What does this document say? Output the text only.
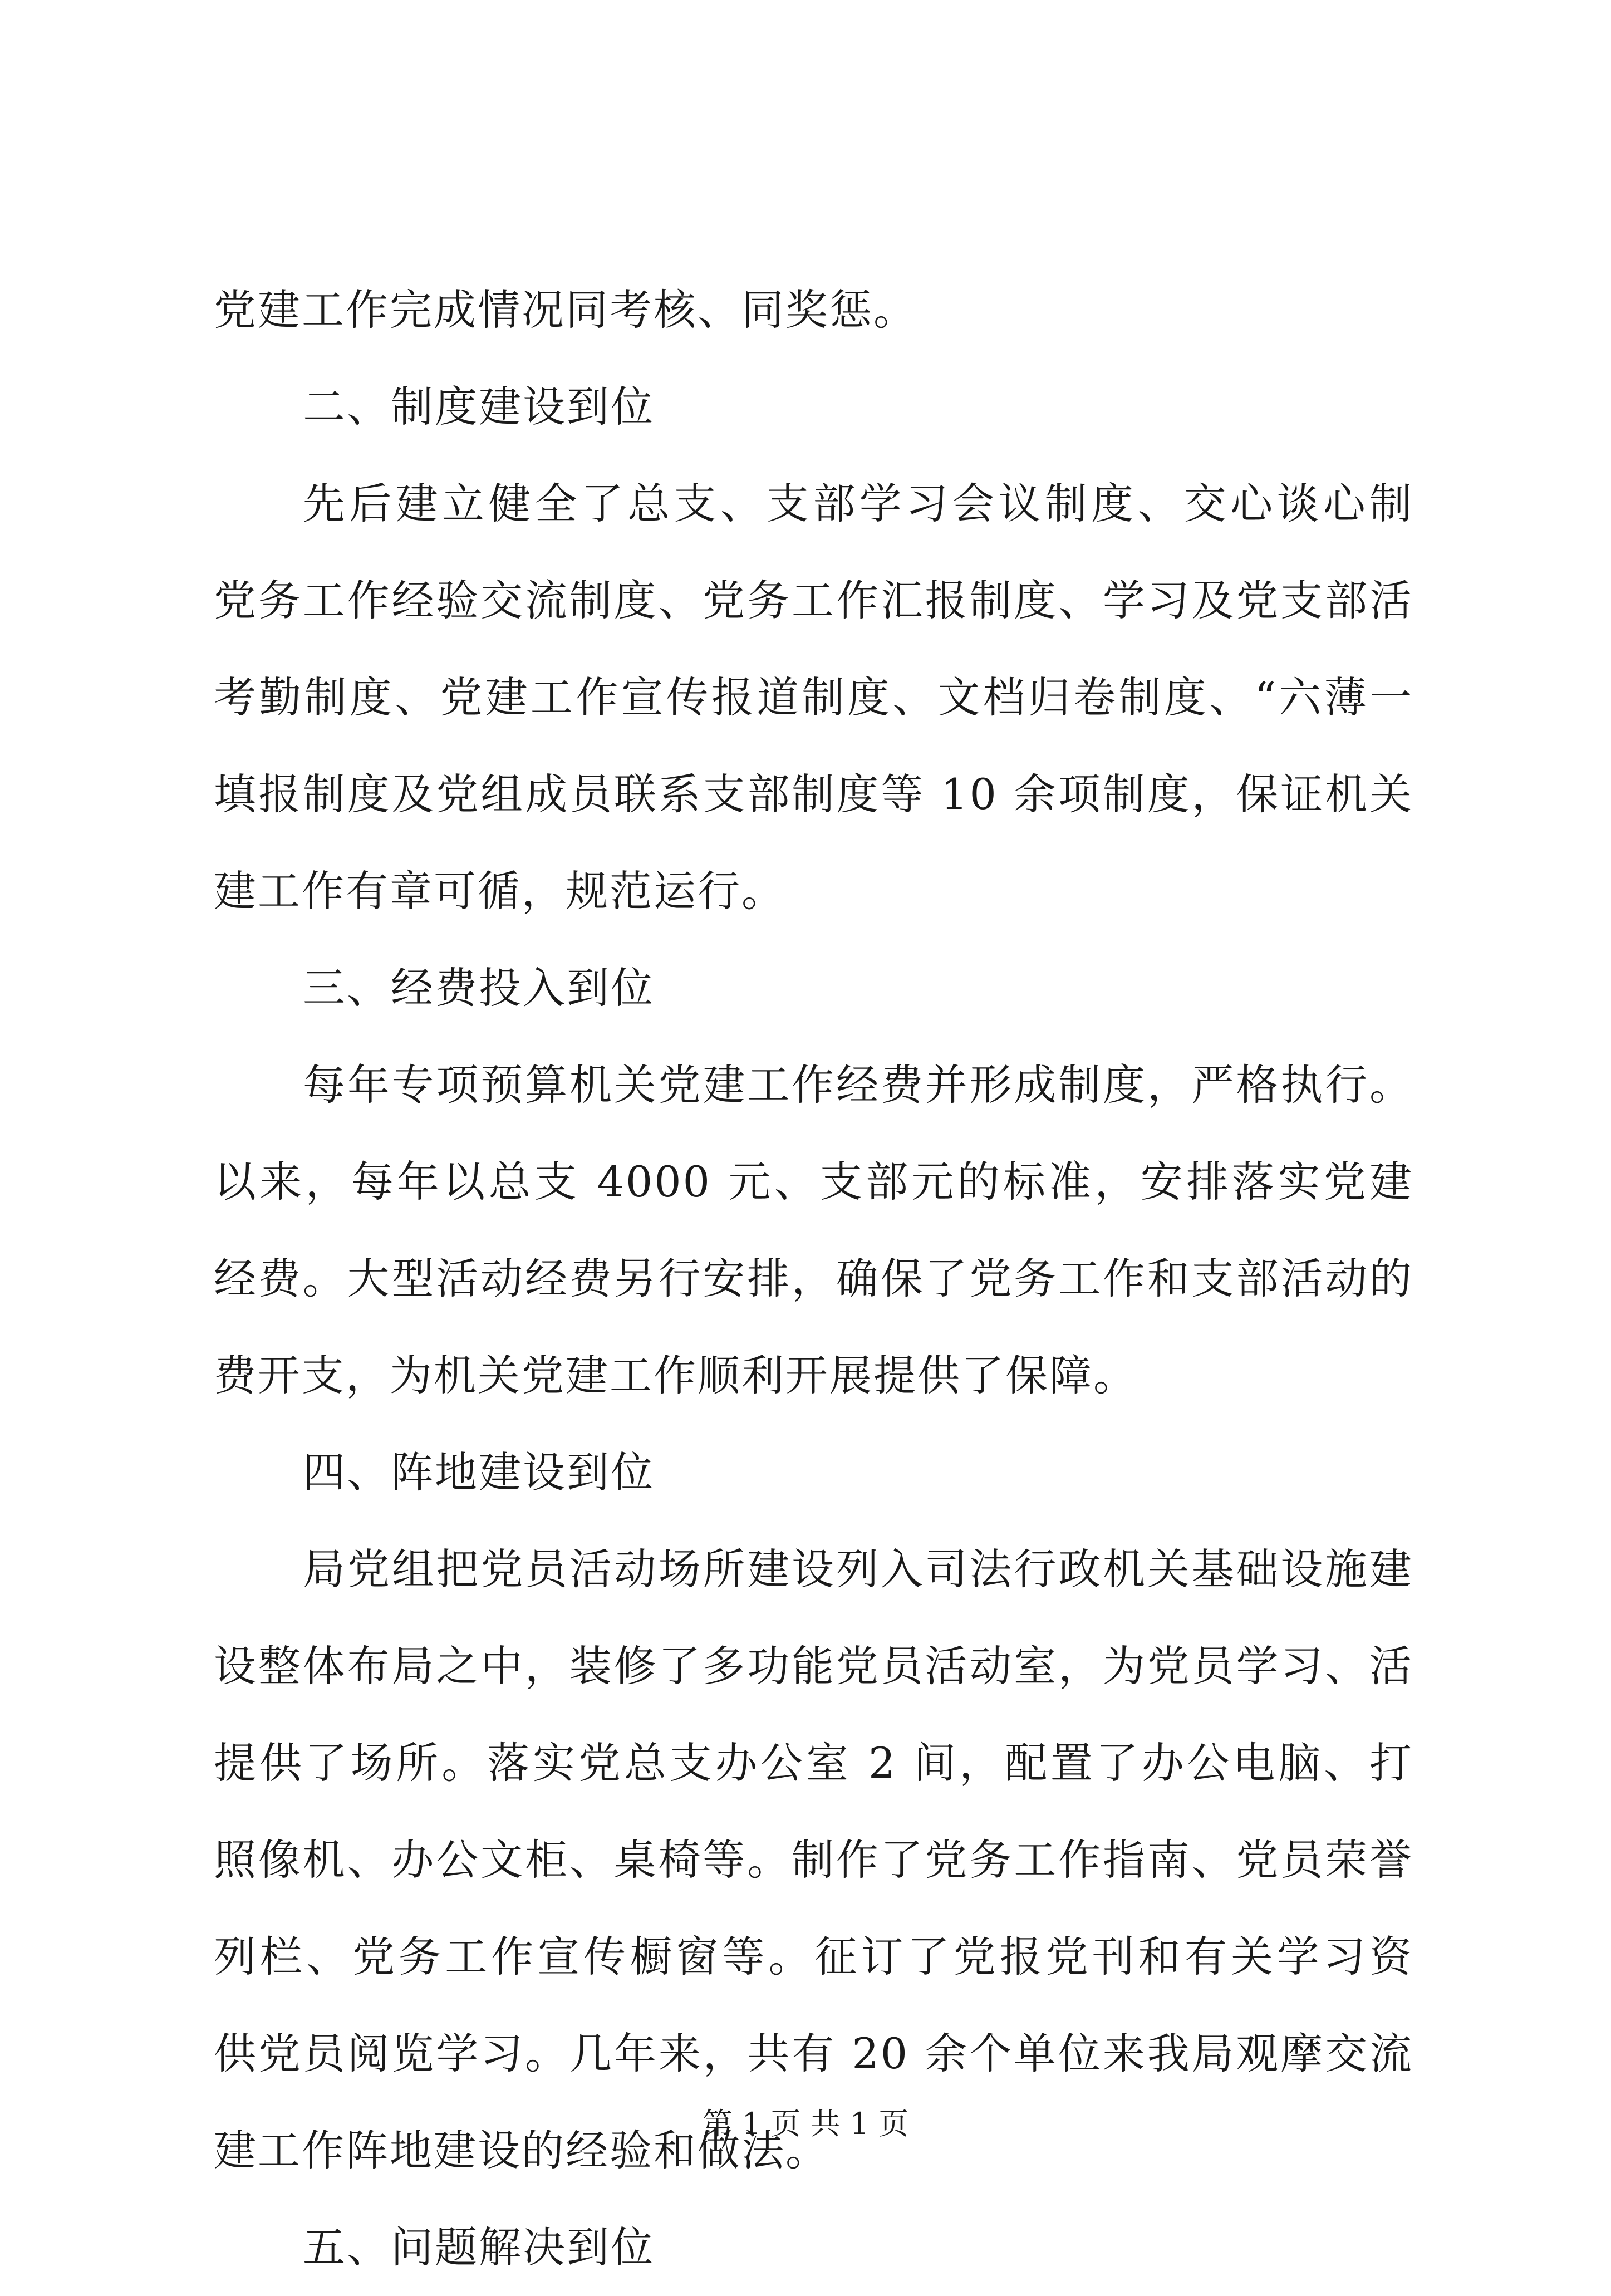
党建工作完成情况同考核、同奖惩。
二、制度建设到位
先后建立健全了总支、支部学习会议制度、交心谈心制
党务工作经验交流制度、党务工作汇报制度、学习及党支部活
考勤制度、党建工作宣传报道制度、文档归卷制度、“六薄一
填报制度及党组成员联系支部制度等 10 余项制度，保证机关
建工作有章可循，规范运行。
三、经费投入到位
每年专项预算机关党建工作经费并形成制度，严格执行。
以来，每年以总支 4000 元、支部元的标准，安排落实党建
经费。大型活动经费另行安排，确保了党务工作和支部活动的
费开支，为机关党建工作顺利开展提供了保障。
四、阵地建设到位
局党组把党员活动场所建设列入司法行政机关基础设施建
设整体布局之中，装修了多功能党员活动室，为党员学习、活
提供了场所。落实党总支办公室 2 间，配置了办公电脑、打
照像机、办公文柜、桌椅等。制作了党务工作指南、党员荣誉
列栏、党务工作宣传橱窗等。征订了党报党刊和有关学习资
供党员阅览学习。几年来，共有 20 余个单位来我局观摩交流
建工作阵地建设的经验和做法。
五、问题解决到位
第 1 页 共 1 页
